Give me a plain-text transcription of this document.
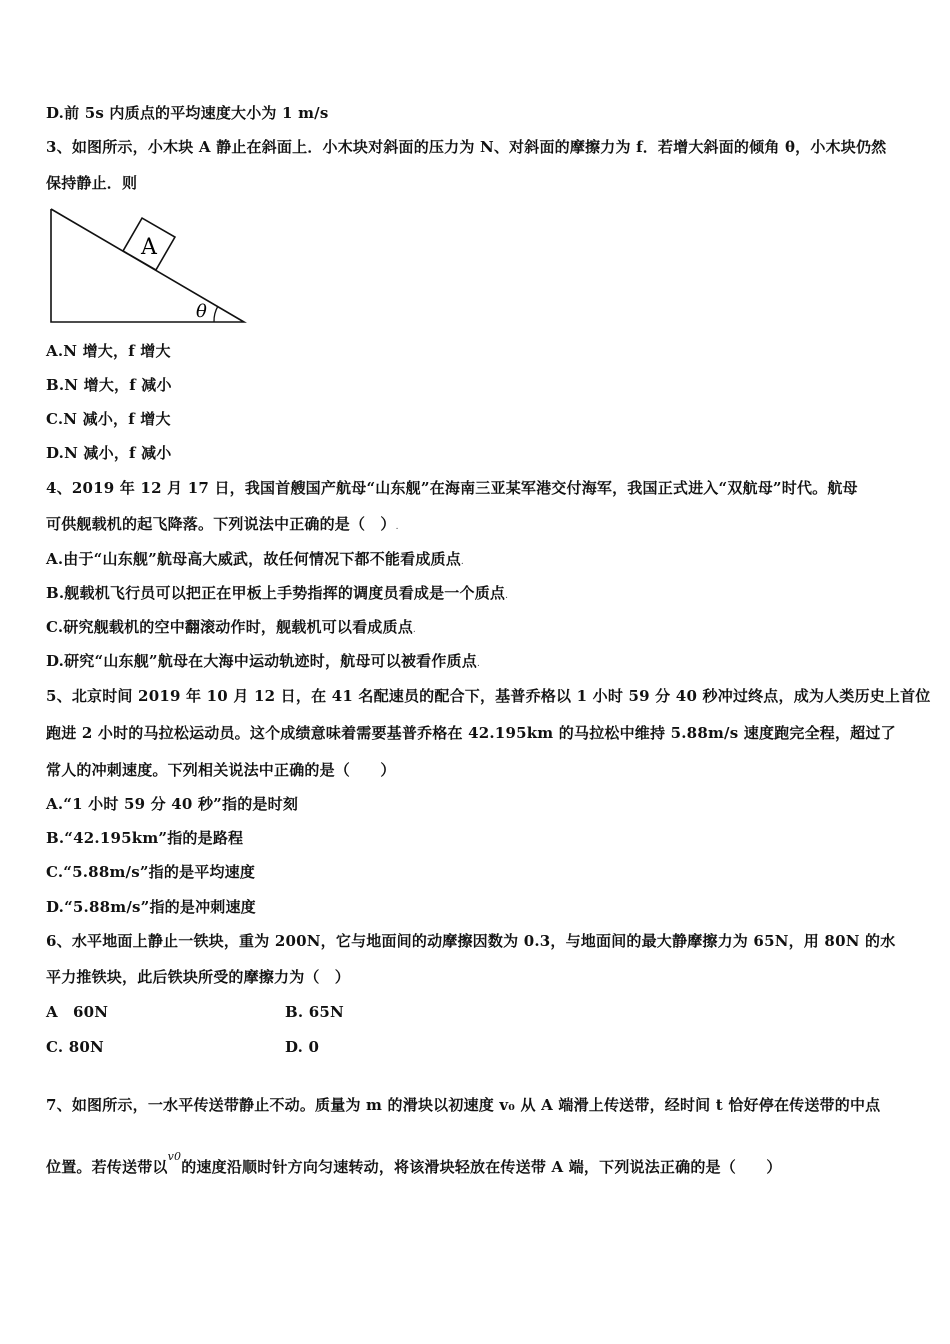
D.前 5s 内质点的平均速度大小为 1 m/s
3、如图所示，小木块 A 静止在斜面上．小木块对斜面的压力为 N、对斜面的摩擦力为 f．若增大斜面的倾角 θ，小木块仍然
保持静止．则
A
θ
A.N 增大，f 增大
B.N 增大，f 减小
C.N 减小，f 增大
D.N 减小，f 减小
4、2019 年 12 月 17 日，我国首艘国产航母“山东舰”在海南三亚某军港交付海军，我国正式进入“双航母”时代。航母
可供舰载机的起飞降落。下列说法中正确的是（　）.
A.由于“山东舰”航母高大威武，故任何情况下都不能看成质点.
B.舰载机飞行员可以把正在甲板上手势指挥的调度员看成是一个质点.
C.研究舰载机的空中翻滚动作时，舰载机可以看成质点.
D.研究“山东舰”航母在大海中运动轨迹时，航母可以被看作质点.
5、北京时间 2019 年 10 月 12 日，在 41 名配速员的配合下，基普乔格以 1 小时 59 分 40 秒冲过终点，成为人类历史上首位
跑进 2 小时的马拉松运动员。这个成绩意味着需要基普乔格在 42.195km 的马拉松中维持 5.88m/s 速度跑完全程，超过了
常人的冲刺速度。下列相关说法中正确的是（　　）
A.“1 小时 59 分 40 秒”指的是时刻
B.“42.195km”指的是路程
C.“5.88m/s”指的是平均速度
D.“5.88m/s”指的是冲刺速度
6、水平地面上静止一铁块，重为 200N，它与地面间的动摩擦因数为 0.3，与地面间的最大静摩擦力为 65N，用 80N 的水
平力推铁块，此后铁块所受的摩擦力为（　）
A　60N	B. 65N
C. 80N	D. 0
7、如图所示，一水平传送带静止不动。质量为 m 的滑块以初速度 v₀ 从 A 端滑上传送带，经时间 t 恰好停在传送带的中点
位置。若传送带以$^{v0}$的速度沿顺时针方向匀速转动，将该滑块轻放在传送带 A 端，下列说法正确的是（　　）
